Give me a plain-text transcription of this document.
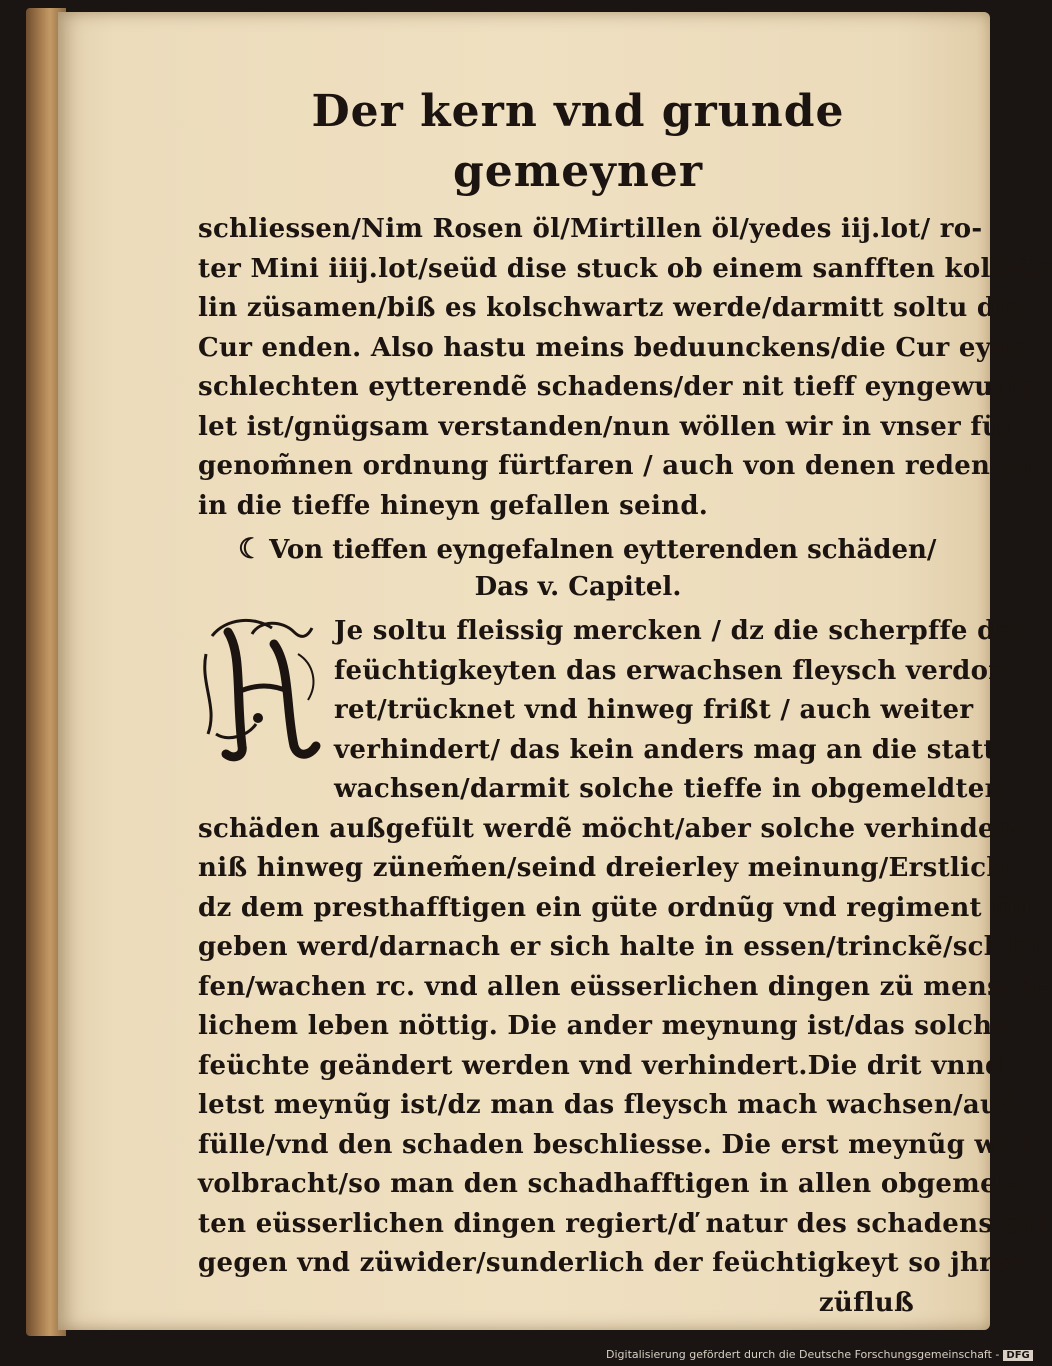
Der kern vnd grunde gemeyner
schliessen/Nim Rosen öl/Mirtillen öl/yedes iij.lot/ ro-
ter Mini iiij.lot/seüd dise stuck ob einem sanfften kolfeür
lin züsamen/biß es kolschwartz werde/darmitt soltu die
Cur enden. Also hastu meins beduunckens/die Cur eyns
schlechten eytterendẽ schadens/der nit tieff eyngewurtz
let ist/gnügsam verstanden/nun wöllen wir in vnser für
genom̃nen ordnung fürtfaren / auch von denen reden so
in die tieffe hineyn gefallen seind.
☾ Von tieffen eyngefalnen eytterenden schäden/
Das v. Capitel.
Je soltu fleissig mercken / dz die scherpffe der
feüchtigkeyten das erwachsen fleysch verdor
ret/trücknet vnd hinweg frißt / auch weiter
verhindert/ das kein anders mag an die statt
wachsen/darmit solche tieffe in obgemeldten
schäden außgefült werdẽ möcht/aber solche verhinder-
niß hinweg zünem̃en/seind dreierley meinung/Erstlich
dz dem presthafftigen ein güte ordnũg vnd regiment für
geben werd/darnach er sich halte in essen/trinckẽ/schlaf
fen/wachen rc. vnd allen eüsserlichen dingen zü mensch-
lichem leben nöttig. Die ander meynung ist/das solche
feüchte geändert werden vnd verhindert.Die drit vnnd
letst meynũg ist/dz man das fleysch mach wachsen/auß-
fülle/vnd den schaden beschliesse. Die erst meynũg wirt
volbracht/so man den schadhafftigen in allen obgemel-
ten eüsserlichen dingen regiert/ď natur des schadens ent
gegen vnd züwider/sunderlich der feüchtigkeyt so jhren
züfluß
Digitalisierung gefördert durch die Deutsche Forschungsgemeinschaft - DFG
